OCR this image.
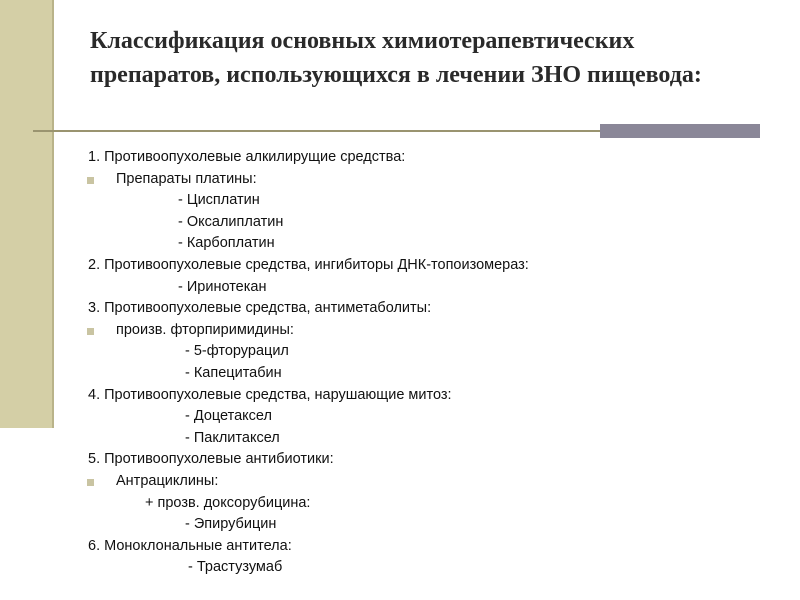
Классификация основных химиотерапевтических препаратов, использующихся в лечении ЗНО пищевода:
1. Противоопухолевые алкилирущие средства:
Препараты платины:
- Цисплатин
- Оксалиплатин
- Карбоплатин
2. Противоопухолевые средства, ингибиторы ДНК-топоизомераз:
- Иринотекан
3. Противоопухолевые средства, антиметаболиты:
произв. фторпиримидины:
- 5-фторурацил
- Капецитабин
4. Противоопухолевые средства, нарушающие митоз:
- Доцетаксел
- Паклитаксел
5. Противоопухолевые антибиотики:
Антрациклины:
+ прозв. доксорубицина:
- Эпирубицин
6. Моноклональные антитела:
- Трастузумаб
